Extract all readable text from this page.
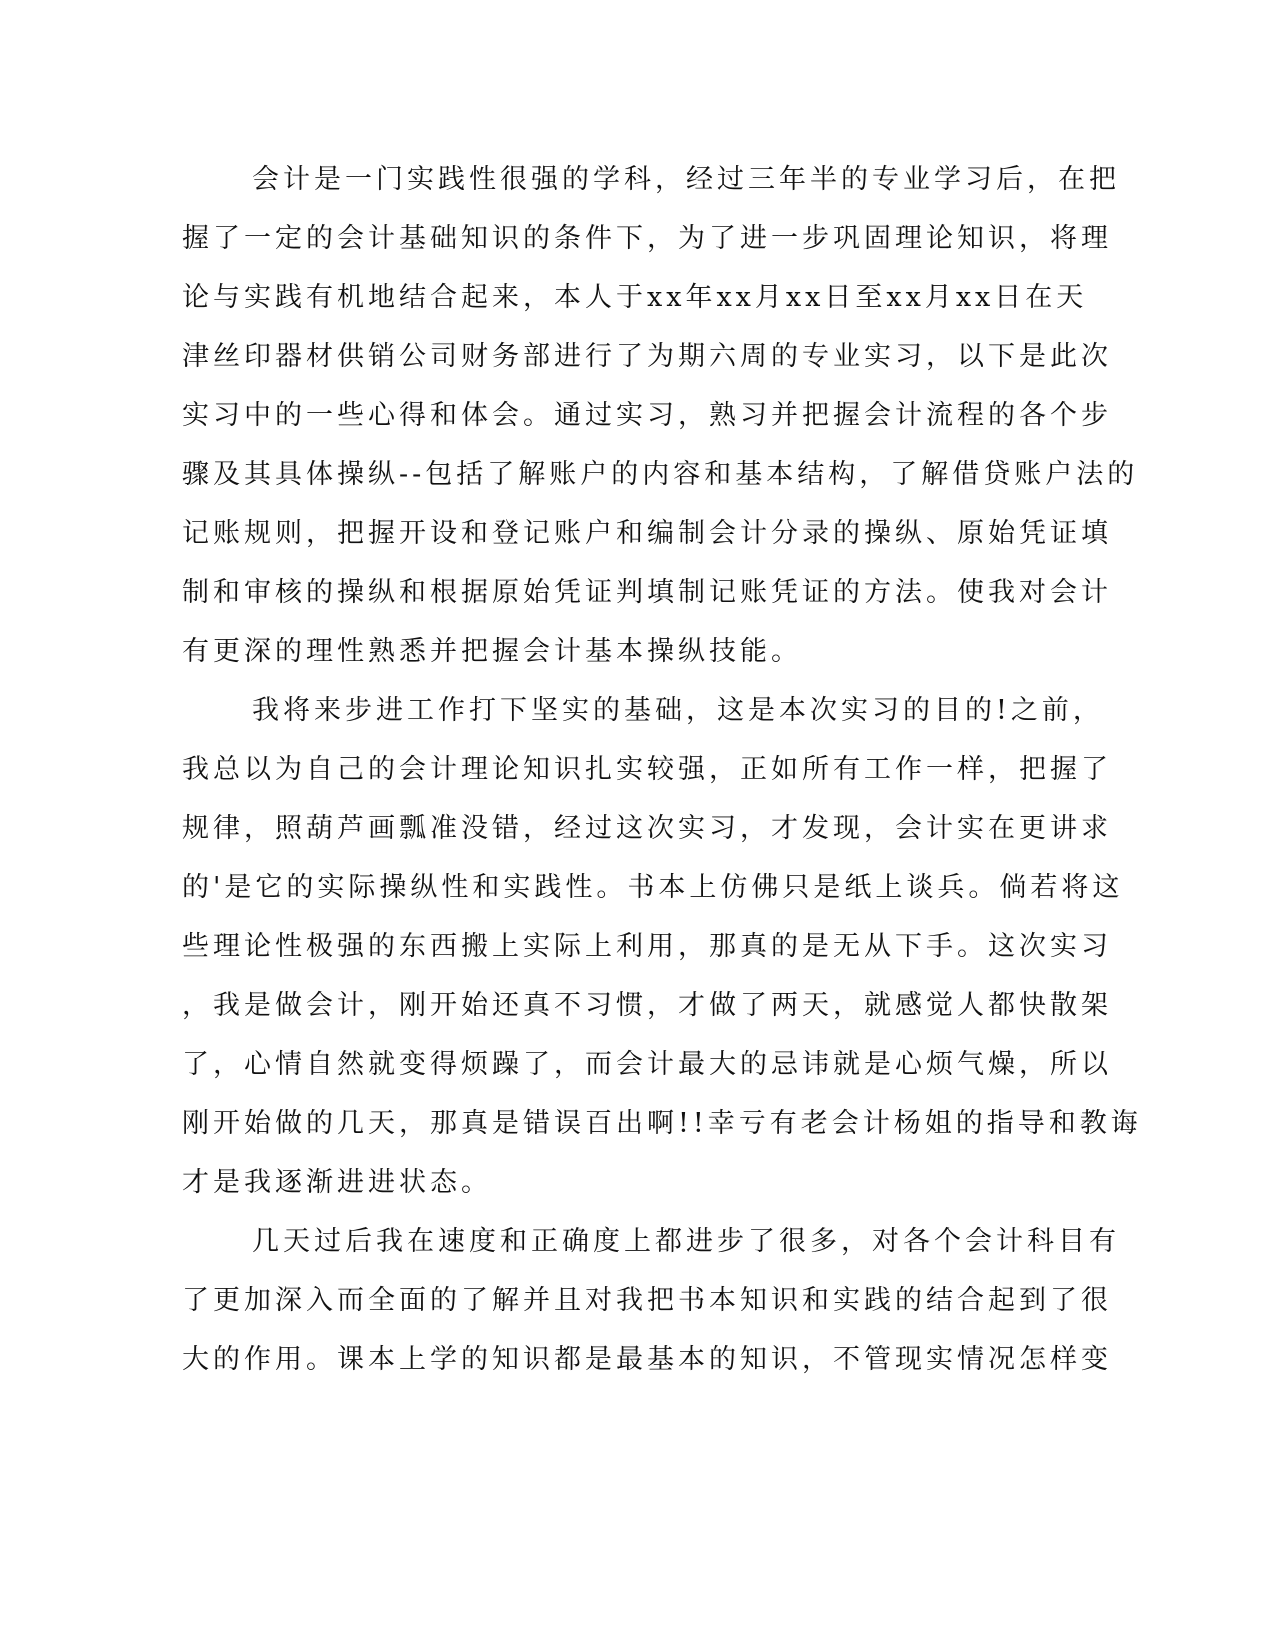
会计是一门实践性很强的学科，经过三年半的专业学习后，在把
握了一定的会计基础知识的条件下，为了进一步巩固理论知识，将理
论与实践有机地结合起来，本人于xx年xx月xx日至xx月xx日在天
津丝印器材供销公司财务部进行了为期六周的专业实习，以下是此次
实习中的一些心得和体会。通过实习，熟习并把握会计流程的各个步
骤及其具体操纵--包括了解账户的内容和基本结构，了解借贷账户法的
记账规则，把握开设和登记账户和编制会计分录的操纵、原始凭证填
制和审核的操纵和根据原始凭证判填制记账凭证的方法。使我对会计
有更深的理性熟悉并把握会计基本操纵技能。
我将来步进工作打下坚实的基础，这是本次实习的目的!之前，
我总以为自己的会计理论知识扎实较强，正如所有工作一样，把握了
规律，照葫芦画瓢准没错，经过这次实习，才发现，会计实在更讲求
的'是它的实际操纵性和实践性。书本上仿佛只是纸上谈兵。倘若将这
些理论性极强的东西搬上实际上利用，那真的是无从下手。这次实习
，我是做会计，刚开始还真不习惯，才做了两天，就感觉人都快散架
了，心情自然就变得烦躁了，而会计最大的忌讳就是心烦气燥，所以
刚开始做的几天，那真是错误百出啊!!幸亏有老会计杨姐的指导和教诲
才是我逐渐进进状态。
几天过后我在速度和正确度上都进步了很多，对各个会计科目有
了更加深入而全面的了解并且对我把书本知识和实践的结合起到了很
大的作用。课本上学的知识都是最基本的知识，不管现实情况怎样变
